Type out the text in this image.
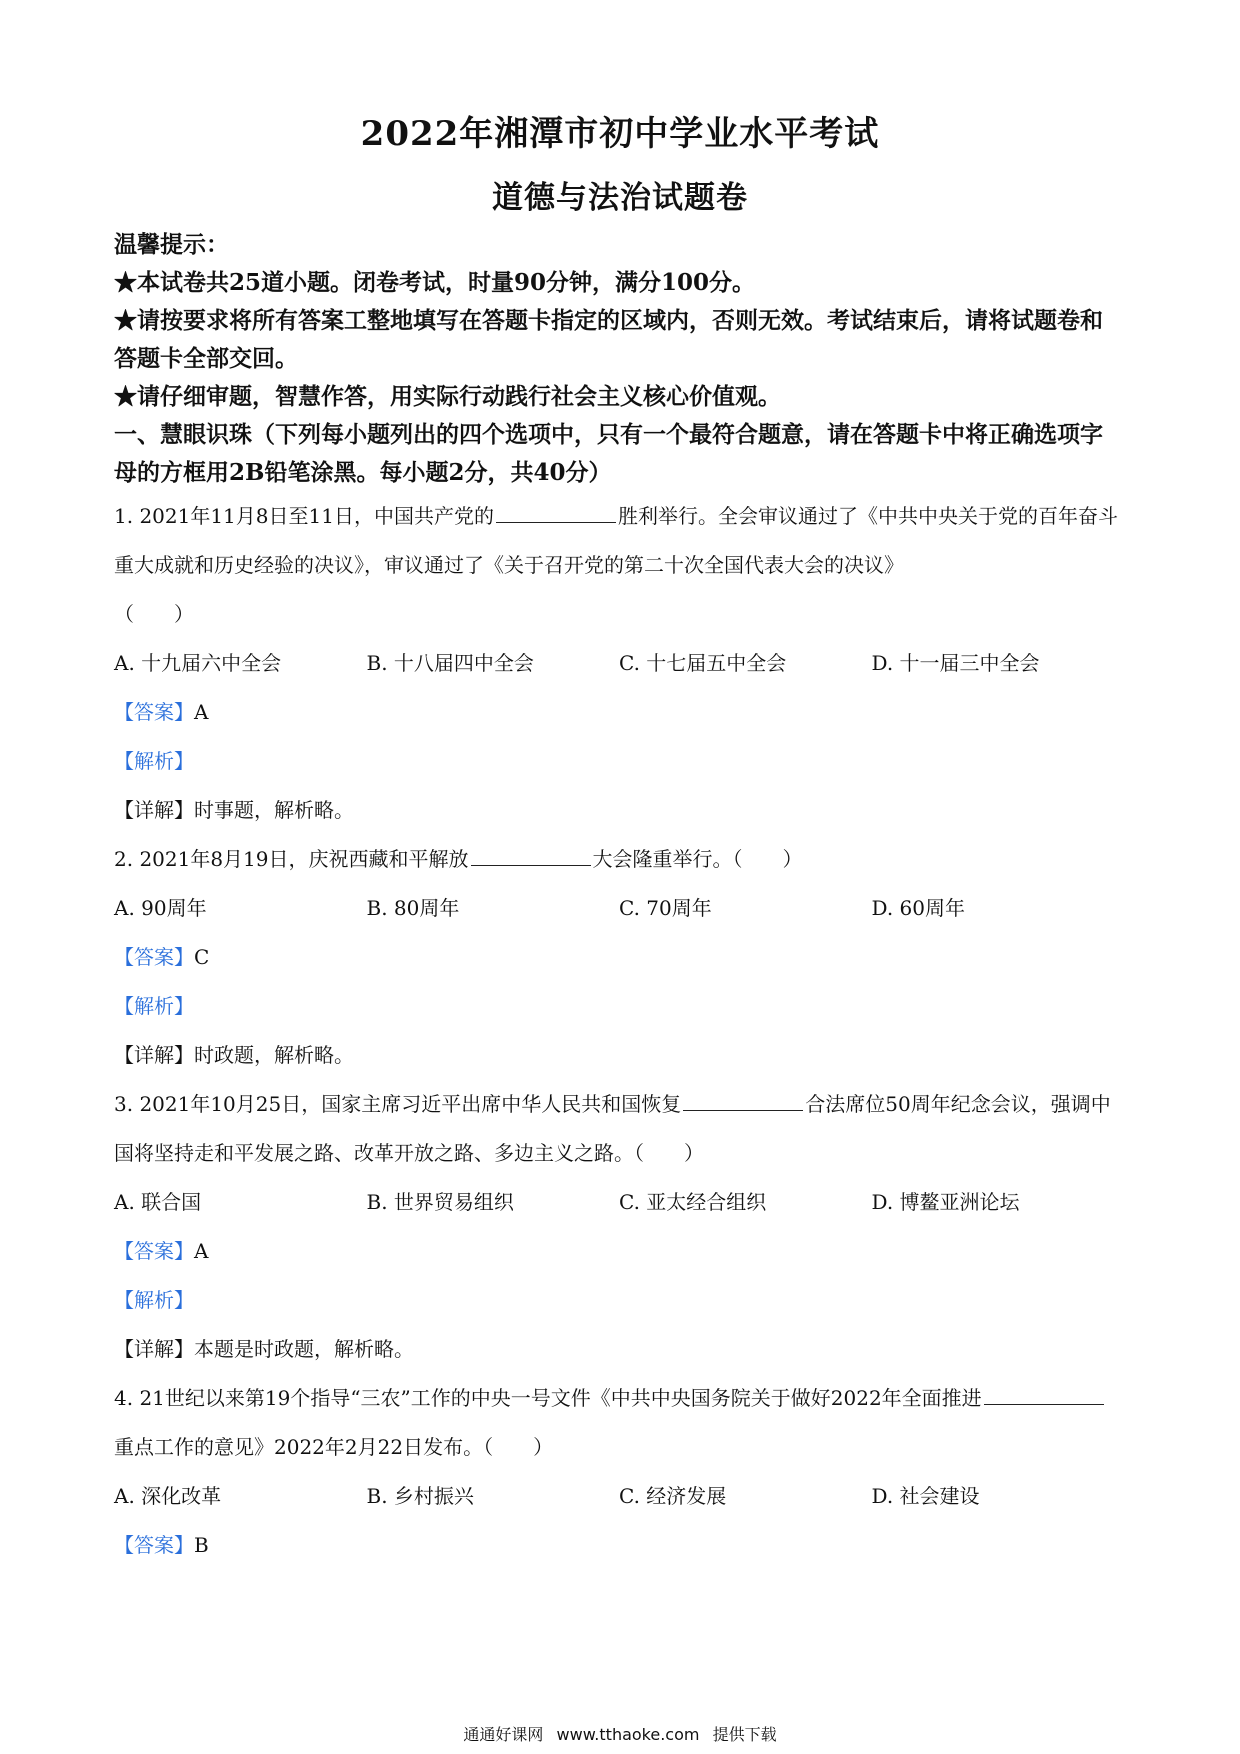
2022年湘潭市初中学业水平考试
道德与法治试题卷

温馨提示：

★本试卷共25道小题。闭卷考试，时量90分钟，满分100分。

★请按要求将所有答案工整地填写在答题卡指定的区域内，否则无效。考试结束后，请将试题卷和答题卡全部交回。

★请仔细审题，智慧作答，用实际行动践行社会主义核心价值观。

一、慧眼识珠（下列每小题列出的四个选项中，只有一个最符合题意，请在答题卡中将正确选项字母的方框用2B铅笔涂黑。每小题2分，共40分）

1. 2021年11月8日至11日，中国共产党的	胜利举行。全会审议通过了《中共中央关于党的百年奋斗重大成就和历史经验的决议》，审议通过了《关于召开党的第二十次全国代表大会的决议》

（　　）

A. 十九届六中全会	B. 十八届四中全会	C. 十七届五中全会	D. 十一届三中全会

【答案】A

【解析】

【详解】时事题，解析略。

2. 2021年8月19日，庆祝西藏和平解放	大会隆重举行。（　　）

A. 90周年	B. 80周年	C. 70周年	D. 60周年

【答案】C

【解析】

【详解】时政题，解析略。

3. 2021年10月25日，国家主席习近平出席中华人民共和国恢复	合法席位50周年纪念会议，强调中国将坚持走和平发展之路、改革开放之路、多边主义之路。（　　）

A. 联合国	B. 世界贸易组织	C. 亚太经合组织	D. 博鳌亚洲论坛

【答案】A

【解析】

【详解】本题是时政题，解析略。

4. 21世纪以来第19个指导“三农”工作的中央一号文件《中共中央国务院关于做好2022年全面推进重点工作的意见》2022年2月22日发布。（　　）

A. 深化改革	B. 乡村振兴	C. 经济发展	D. 社会建设

【答案】B

通通好课网 www.tthaoke.com 提供下载
